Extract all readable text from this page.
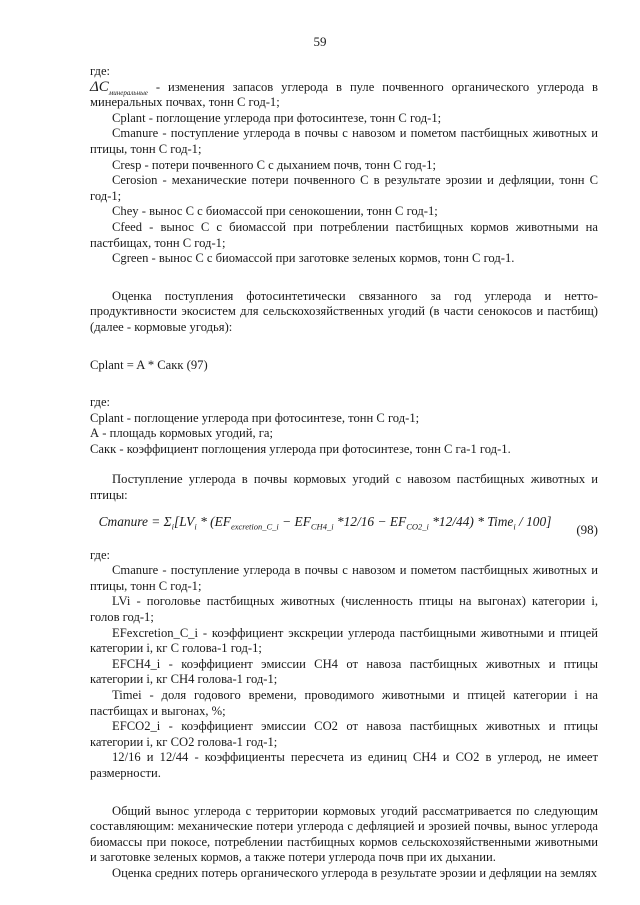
59

где:

$\Delta C_{минеральные}$ - изменения запасов углерода в пуле почвенного органического углерода в минеральных почвах, тонн С год-1;

Cplant - поглощение углерода при фотосинтезе, тонн С год-1;

Cmanure - поступление углерода в почвы с навозом и пометом пастбищных животных и птицы, тонн С год-1;

Cresp - потери почвенного С с дыханием почв, тонн С год-1;

Cerosion - механические потери почвенного С в результате эрозии и дефляции, тонн С год-1;

Chey - вынос С с биомассой при сенокошении, тонн С год-1;

Cfeed - вынос С с биомассой при потреблении пастбищных кормов животными на пастбищах, тонн С год-1;

Cgreen - вынос С с биомассой при заготовке зеленых кормов, тонн С год-1.

Оценка поступления фотосинтетически связанного за год углерода и нетто-продуктивности экосистем для сельскохозяйственных угодий (в части сенокосов и пастбищ) (далее - кормовые угодья):

Cplant = A * Сакк (97)

где:

Cplant - поглощение углерода при фотосинтезе, тонн С год-1;

А - площадь кормовых угодий, га;

Сакк - коэффициент поглощения углерода при фотосинтезе, тонн С га-1 год-1.

Поступление углерода в почвы кормовых угодий с навозом пастбищных животных и птицы:

Cmanure = $\Sigma_i[LV_i * (EF_{excretion\_C\_i} - EF_{CH4\_i}$ $*12/16 - EF_{CO2\_i}$ *12/44) * Time$_i$ / 100]
(98)

где:

Cmanure - поступление углерода в почвы с навозом и пометом пастбищных животных и птицы, тонн С год-1;

LVi - поголовье пастбищных животных (численность птицы на выгонах) категории i, голов год-1;

EFexcretion_C_i - коэффициент экскреции углерода пастбищными животными и птицей категории i, кг С голова-1 год-1;

EFCH4_i - коэффициент эмиссии CH4 от навоза пастбищных животных и птицы категории i, кг CH4 голова-1 год-1;

Timei - доля годового времени, проводимого животными и птицей категории i на пастбищах и выгонах, %;

EFCO2_i - коэффициент эмиссии CO2 от навоза пастбищных животных и птицы категории i, кг CO2 голова-1 год-1;

12/16 и 12/44 - коэффициенты пересчета из единиц CH4 и CO2 в углерод, не имеет размерности.

Общий вынос углерода с территории кормовых угодий рассматривается по следующим составляющим: механические потери углерода с дефляцией и эрозией почвы, вынос углерода биомассы при покосе, потреблении пастбищных кормов сельскохозяйственными животными и заготовке зеленых кормов, а также потери углерода почв при их дыхании.

Оценка средних потерь органического углерода в результате эрозии и дефляции на землях
